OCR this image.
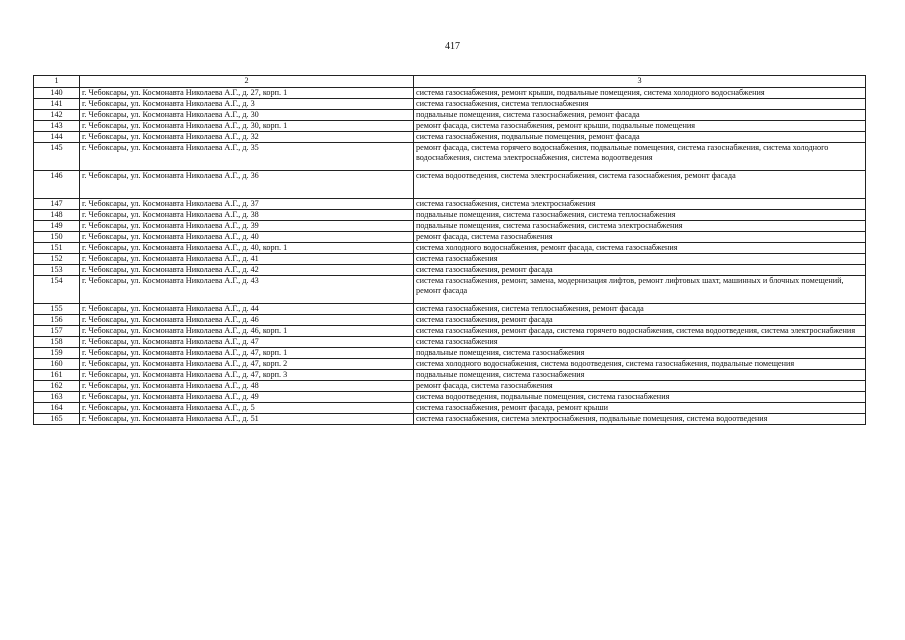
417
1	2	3
140	г. Чебоксары, ул. Космонавта Николаева А.Г., д. 27, корп. 1	система газоснабжения, ремонт крыши, подвальные помещения, система холодного водоснабжения
141	г. Чебоксары, ул. Космонавта Николаева А.Г., д. 3	система газоснабжения, система теплоснабжения
142	г. Чебоксары, ул. Космонавта Николаева А.Г., д. 30	подвальные помещения, система газоснабжения, ремонт фасада
143	г. Чебоксары, ул. Космонавта Николаева А.Г., д. 30, корп. 1	ремонт фасада, система газоснабжения, ремонт крыши, подвальные помещения
144	г. Чебоксары, ул. Космонавта Николаева А.Г., д. 32	система газоснабжения, подвальные помещения, ремонт фасада
145	г. Чебоксары, ул. Космонавта Николаева А.Г., д. 35	ремонт фасада, система горячего водоснабжения, подвальные помещения, система газоснабжения, система холодного водоснабжения, система электроснабжения, система водоотведения
146	г. Чебоксары, ул. Космонавта Николаева А.Г., д. 36	система водоотведения, система электроснабжения, система газоснабжения, ремонт фасада
147	г. Чебоксары, ул. Космонавта Николаева А.Г., д. 37	система газоснабжения, система электроснабжения
148	г. Чебоксары, ул. Космонавта Николаева А.Г., д. 38	подвальные помещения, система газоснабжения, система теплоснабжения
149	г. Чебоксары, ул. Космонавта Николаева А.Г., д. 39	подвальные помещения, система газоснабжения, система электроснабжения
150	г. Чебоксары, ул. Космонавта Николаева А.Г., д. 40	ремонт фасада, система газоснабжения
151	г. Чебоксары, ул. Космонавта Николаева А.Г., д. 40, корп. 1	система холодного водоснабжения, ремонт фасада, система газоснабжения
152	г. Чебоксары, ул. Космонавта Николаева А.Г., д. 41	система газоснабжения
153	г. Чебоксары, ул. Космонавта Николаева А.Г., д. 42	система газоснабжения, ремонт фасада
154	г. Чебоксары, ул. Космонавта Николаева А.Г., д. 43	система газоснабжения, ремонт, замена, модернизация лифтов, ремонт лифтовых шахт, машинных и блочных помещений, ремонт фасада
155	г. Чебоксары, ул. Космонавта Николаева А.Г., д. 44	система газоснабжения, система теплоснабжения, ремонт фасада
156	г. Чебоксары, ул. Космонавта Николаева А.Г., д. 46	система газоснабжения, ремонт фасада
157	г. Чебоксары, ул. Космонавта Николаева А.Г., д. 46, корп. 1	система газоснабжения, ремонт фасада, система горячего водоснабжения, система водоотведения, система электроснабжения
158	г. Чебоксары, ул. Космонавта Николаева А.Г., д. 47	система газоснабжения
159	г. Чебоксары, ул. Космонавта Николаева А.Г., д. 47, корп. 1	подвальные помещения, система газоснабжения
160	г. Чебоксары, ул. Космонавта Николаева А.Г., д. 47, корп. 2	система холодного водоснабжения, система водоотведения, система газоснабжения, подвальные помещения
161	г. Чебоксары, ул. Космонавта Николаева А.Г., д. 47, корп. 3	подвальные помещения, система газоснабжения
162	г. Чебоксары, ул. Космонавта Николаева А.Г., д. 48	ремонт фасада, система газоснабжения
163	г. Чебоксары, ул. Космонавта Николаева А.Г., д. 49	система водоотведения, подвальные помещения, система газоснабжения
164	г. Чебоксары, ул. Космонавта Николаева А.Г., д. 5	система газоснабжения, ремонт фасада, ремонт крыши
165	г. Чебоксары, ул. Космонавта Николаева А.Г., д. 51	система газоснабжения, система электроснабжения, подвальные помещения, система водоотведения
